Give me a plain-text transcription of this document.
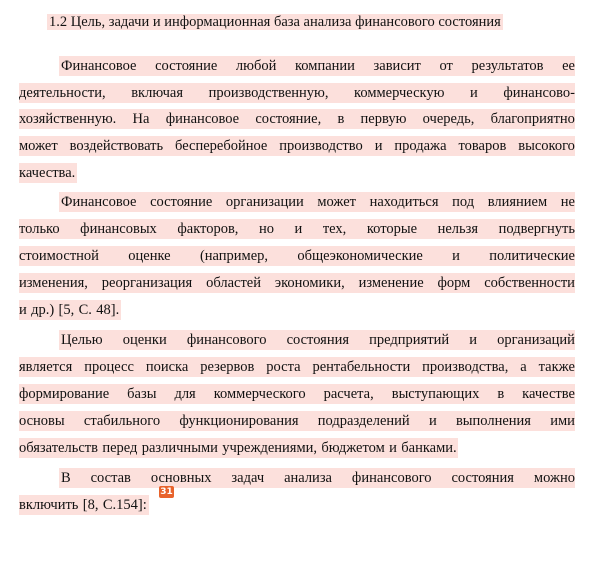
1.2 Цель, задачи и информационная база анализа финансового состояния
Финансовое состояние любой компании зависит от результатов ее
деятельности, включая производственную, коммерческую и финансово-
хозяйственную. На финансовое состояние, в первую очередь, благоприятно
может воздействовать бесперебойное производство и продажа товаров высокого
качества.
Финансовое состояние организации может находиться под влиянием не
только финансовых факторов, но и тех, которые нельзя подвергнуть
стоимостной оценке (например, общеэкономические и политические
изменения, реорганизация областей экономики, изменение форм собственности
и др.) [5, С. 48].
Целью оценки финансового состояния предприятий и организаций
является процесс поиска резервов роста рентабельности производства, а также
формирование базы для коммерческого расчета, выступающих в качестве
основы стабильного функционирования подразделений и выполнения ими
обязательств перед различными учреждениями, бюджетом и банками.
В состав основных задач анализа финансового состояния можно
включить [8, С.154]:
31
